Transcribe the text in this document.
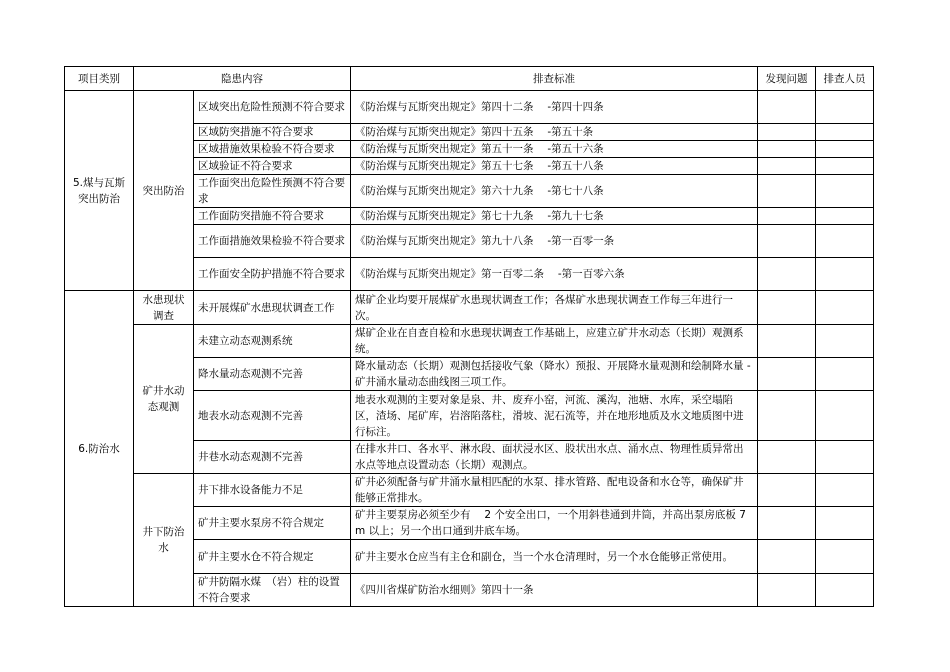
项目类别	隐患内容		排查标准	发现问题	排查人员
5.煤与瓦斯突出防治	突出防治	区域突出危险性预测不符合要求	《防治煤与瓦斯突出规定》第四十二条　 -第四十四条		
		区域防突措施不符合要求	《防治煤与瓦斯突出规定》第四十五条　 -第五十条		
		区域措施效果检验不符合要求	《防治煤与瓦斯突出规定》第五十一条　 -第五十六条		
		区域验证不符合要求	《防治煤与瓦斯突出规定》第五十七条　 -第五十八条		
		工作面突出危险性预测不符合要求	《防治煤与瓦斯突出规定》第六十九条　 -第七十八条		
		工作面防突措施不符合要求	《防治煤与瓦斯突出规定》第七十九条　 -第九十七条		
		工作面措施效果检验不符合要求	《防治煤与瓦斯突出规定》第九十八条　 -第一百零一条		
		工作面安全防护措施不符合要求	《防治煤与瓦斯突出规定》第一百零二条　 -第一百零六条		
6.防治水	水患现状调查	未开展煤矿水患现状调查工作	煤矿企业均要开展煤矿水患现状调查工作；各煤矿水患现状调查工作每三年进行一次。		
	矿井水动态观测	未建立动态观测系统	煤矿企业在自查自检和水患现状调查工作基础上，应建立矿井水动态（长期）观测系统。		
		降水量动态观测不完善	降水量动态（长期）观测包括接收气象（降水）预报、开展降水量观测和绘制降水量 -矿井涌水量动态曲线图三项工作。		
		地表水动态观测不完善	地表水观测的主要对象是泉、井、废弃小窑，河流、溪沟，池塘、水库，采空塌陷区，渣场、尾矿库，岩溶陷落柱，滑坡、泥石流等，并在地形地质及水文地质图中进行标注。		
		井巷水动态观测不完善	在排水井口、各水平、淋水段、面状浸水区、股状出水点、涌水点、物理性质异常出水点等地点设置动态（长期）观测点。		
	井下防治水	井下排水设备能力不足	矿井必须配备与矿井涌水量相匹配的水泵、排水管路、配电设备和水仓等，确保矿井能够正常排水。		
		矿井主要水泵房不符合规定	矿井主要泵房必须至少有　 2 个安全出口，一个用斜巷通到井筒，并高出泵房底板 7m 以上；另一个出口通到井底车场。		
		矿井主要水仓不符合规定	矿井主要水仓应当有主仓和副仓，当一个水仓清理时，另一个水仓能够正常使用。		
		矿井防隔水煤　（岩）柱的设置不符合要求	《四川省煤矿防治水细则》第四十一条		
